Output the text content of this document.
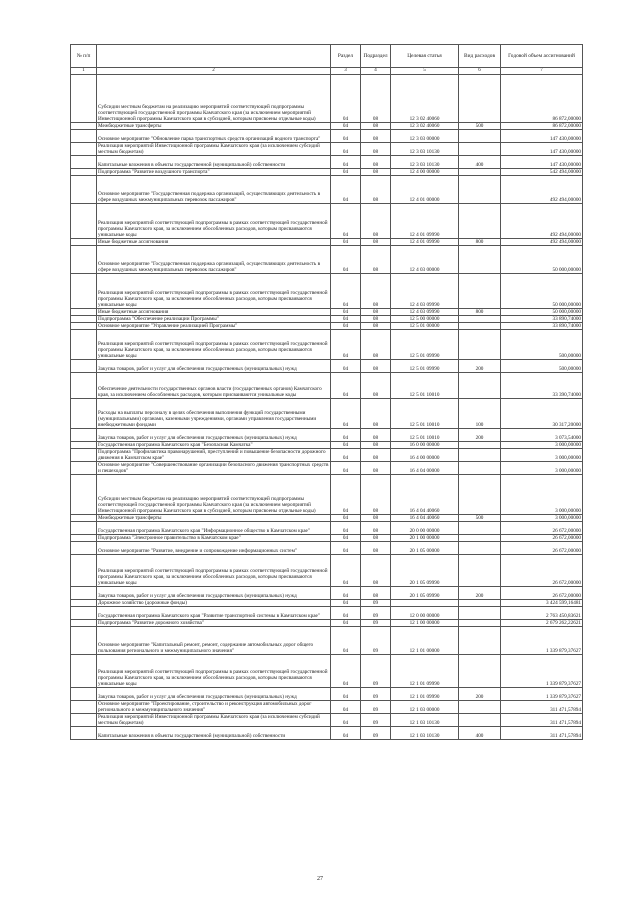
№ п/п		Раздел	Подраздел	Целевая статья	Вид расходов	Годовой объем ассигнований
1	2	3	4	5	6	7
	Субсидии местным бюджетам на реализацию мероприятий соответствующей подпрограммы соответствующей государственной программы Камчатского края (за исключением мероприятий Инвестиционной программы Камчатского края в субсидией, которым присвоены отдельные коды)	04	08	12 3 02 40060		86 872,00000
	Межбюджетные трансферты	04	08	12 3 02 40060	500	86 872,00000
	Основное мероприятие "Обновление парка транспортных средств организаций водного транспорта"	04	08	12 3 03 00000		147 430,00000
	Реализация мероприятий Инвестиционной программы Камчатского края (за исключением субсидий местным бюджетам)	04	08	12 3 03 10130		147 430,00000
	Капитальные вложения в объекты государственной (муниципальной) собственности	04	08	12 3 03 10130	400	147 430,00000
	Подпрограмма "Развитие воздушного транспорта"	04	08	12 4 00 00000		542 494,00000
	Основное мероприятие "Государственная поддержка организаций, осуществляющих деятельность в сфере воздушных межмуниципальных перевозок пассажиров"	04	08	12 4 01 00000		492 494,00000
	Реализация мероприятий соответствующей подпрограммы в рамках соответствующей государственной программы Камчатского края, за исключением обособленных расходов, которым присваиваются уникальные коды	04	08	12 4 01 09990		492 494,00000
	Иные бюджетные ассигнования	04	08	12 4 01 09990	800	492 494,00000
	Основное мероприятие "Государственная поддержка организаций, осуществляющих деятельность в сфере воздушных межмуниципальных перевозок пассажиров"	04	08	12 4 03 00000		50 000,00000
	Реализация мероприятий соответствующей подпрограммы в рамках соответствующей государственной программы Камчатского края, за исключением обособленных расходов, которым присваиваются уникальные коды	04	08	12 4 03 09990		50 000,00000
	Иные бюджетные ассигнования	04	08	12 4 03 09990	800	50 000,00000
	Подпрограмма "Обеспечение реализации Программы"	04	08	12 5 00 00000		33 890,74000
	Основное мероприятие "Управление реализацией Программы"	04	08	12 5 01 00000		33 890,74000
	Реализация мероприятий соответствующей подпрограммы в рамках соответствующей государственной программы Камчатского края, за исключением обособленных расходов, которым присваиваются уникальные коды	04	08	12 5 01 09990		500,00000
	Закупка товаров, работ и услуг для обеспечения государственных (муниципальных) нужд	04	08	12 5 01 09990	200	500,00000
	Обеспечение деятельности государственных органов власти (государственных органов) Камчатского края, за исключением обособленных расходов, которым присваиваются уникальные коды	04	08	12 5 01 10010		33 390,74000
	Расходы на выплаты персоналу в целях обеспечения выполнения функций государственными (муниципальными) органами, казенными учреждениями, органами управления государственными внебюджетными фондами	04	08	12 5 01 10010	100	30 317,20000
	Закупка товаров, работ и услуг для обеспечения государственных (муниципальных) нужд	04	08	12 5 01 10010	200	3 073,54000
	Государственная программа Камчатского края "Безопасная Камчатка"	04	08	16 0 00 00000		3 000,00000
	Подпрограмма "Профилактика правонарушений, преступлений и повышение безопасности дорожного движения в Камчатском крае"	04	08	16 4 00 00000		3 000,00000
	Основное мероприятие "Совершенствование организации безопасного движения транспортных средств и пешеходов"	04	08	16 4 04 00000		3 000,00000
	Субсидии местным бюджетам на реализацию мероприятий соответствующей подпрограммы соответствующей государственной программы Камчатского края (за исключением мероприятий Инвестиционной программы Камчатского края в субсидией, которым присвоены отдельные коды)	04	08	16 4 04 40060		3 000,00000
	Межбюджетные трансферты	04	08	16 4 04 40060	500	3 000,00000
	Государственная программа Камчатского края "Информационное общество в Камчатском крае"	04	08	20 0 00 00000		26 672,00000
	Подпрограмма "Электронное правительство в Камчатском крае"	04	08	20 1 00 00000		26 672,00000
	Основное мероприятие "Развитие, внедрение и сопровождение информационных систем"	04	08	20 1 05 00000		26 672,00000
	Реализация мероприятий соответствующей подпрограммы в рамках соответствующей государственной программы Камчатского края, за исключением обособленных расходов, которым присваиваются уникальные коды	04	08	20 1 05 09990		26 672,00000
	Закупка товаров, работ и услуг для обеспечения государственных (муниципальных) нужд	04	08	20 1 05 09990	200	26 672,00000
	Дорожное хозяйство (дорожные фонды)	04	09			3 424 599,16481
	Государственная программа Камчатского края "Развитие транспортной системы в Камчатском крае"	04	09	12 0 00 00000		2 763 450,83621
	Подпрограмма "Развитие дорожного хозяйства"	04	09	12 1 00 00000		2 679 262,22621
	Основное мероприятие "Капитальный ремонт, ремонт, содержание автомобильных дорог общего пользования регионального и межмуниципального значения"	04	09	12 1 01 00000		1 339 879,37627
	Реализация мероприятий соответствующей подпрограммы в рамках соответствующей государственной программы Камчатского края, за исключением обособленных расходов, которым присваиваются уникальные коды	04	09	12 1 01 09990		1 339 879,37627
	Закупка товаров, работ и услуг для обеспечения государственных (муниципальных) нужд	04	09	12 1 01 09990	200	1 339 879,37627
	Основное мероприятие "Проектирование, строительство и реконструкция автомобильных дорог регионального и межмуниципального значения"	04	09	12 1 03 00000		311 471,57894
	Реализация мероприятий Инвестиционной программы Камчатского края (за исключением субсидий местным бюджетам)	04	09	12 1 03 10130		311 471,57894
	Капитальные вложения в объекты государственной (муниципальной) собственности	04	09	12 1 03 10130	400	311 471,57894
27
